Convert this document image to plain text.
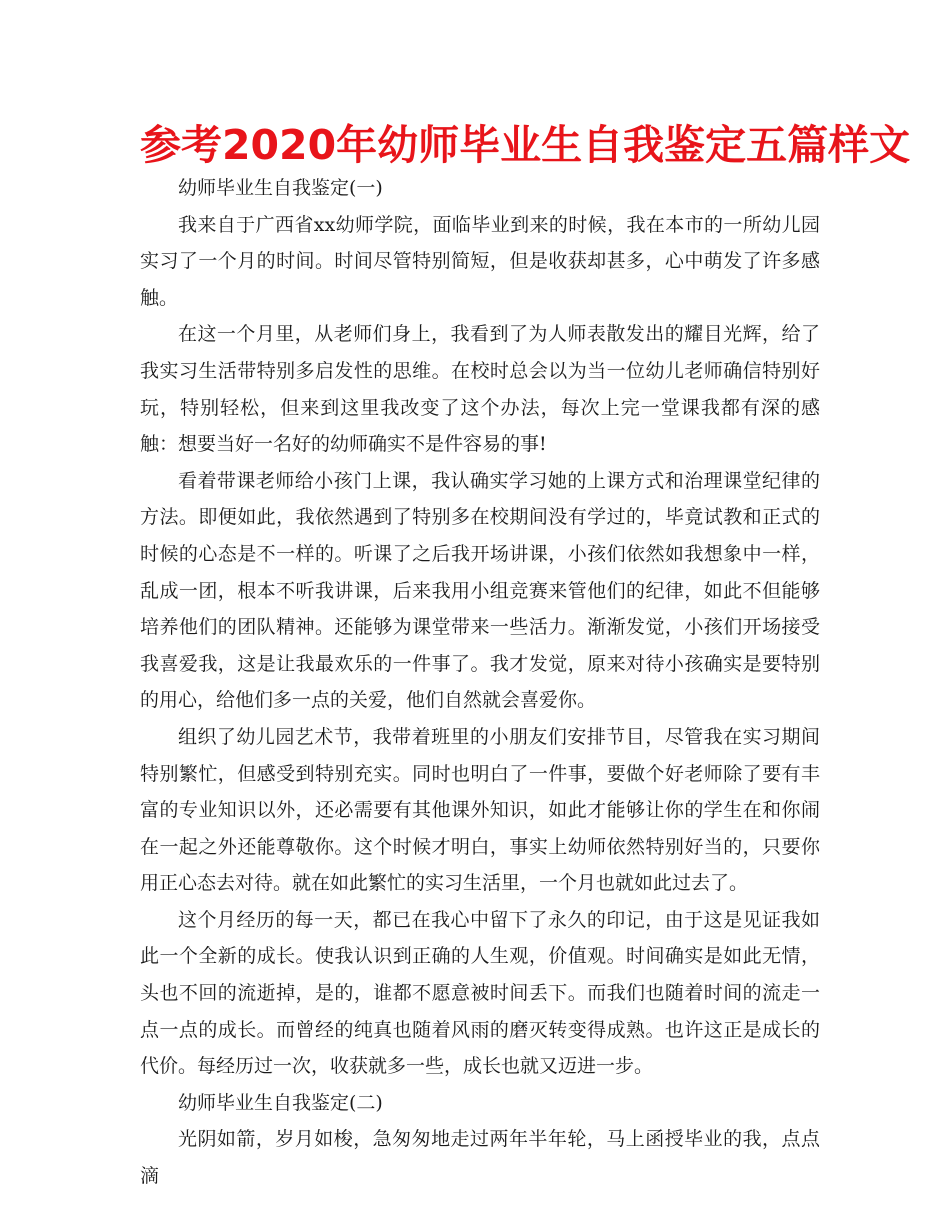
参考2020年幼师毕业生自我鉴定五篇样文

幼师毕业生自我鉴定(一)

我来自于广西省xx幼师学院，面临毕业到来的时候，我在本市的一所幼儿园实习了一个月的时间。时间尽管特别简短，但是收获却甚多，心中萌发了许多感触。

在这一个月里，从老师们身上，我看到了为人师表散发出的耀目光辉，给了我实习生活带特别多启发性的思维。在校时总会以为当一位幼儿老师确信特别好玩，特别轻松，但来到这里我改变了这个办法，每次上完一堂课我都有深的感触：想要当好一名好的幼师确实不是件容易的事!

看着带课老师给小孩门上课，我认确实学习她的上课方式和治理课堂纪律的方法。即便如此，我依然遇到了特别多在校期间没有学过的，毕竟试教和正式的时候的心态是不一样的。听课了之后我开场讲课，小孩们依然如我想象中一样，乱成一团，根本不听我讲课，后来我用小组竞赛来管他们的纪律，如此不但能够培养他们的团队精神。还能够为课堂带来一些活力。渐渐发觉，小孩们开场接受我喜爱我，这是让我最欢乐的一件事了。我才发觉，原来对待小孩确实是要特别的用心，给他们多一点的关爱，他们自然就会喜爱你。

组织了幼儿园艺术节，我带着班里的小朋友们安排节目，尽管我在实习期间特别繁忙，但感受到特别充实。同时也明白了一件事，要做个好老师除了要有丰富的专业知识以外，还必需要有其他课外知识，如此才能够让你的学生在和你闹在一起之外还能尊敬你。这个时候才明白，事实上幼师依然特别好当的，只要你用正心态去对待。就在如此繁忙的实习生活里，一个月也就如此过去了。

这个月经历的每一天，都已在我心中留下了永久的印记，由于这是见证我如此一个全新的成长。使我认识到正确的人生观，价值观。时间确实是如此无情，头也不回的流逝掉，是的，谁都不愿意被时间丢下。而我们也随着时间的流走一点一点的成长。而曾经的纯真也随着风雨的磨灭转变得成熟。也许这正是成长的代价。每经历过一次，收获就多一些，成长也就又迈进一步。

幼师毕业生自我鉴定(二)

光阴如箭，岁月如梭，急匆匆地走过两年半年轮，马上函授毕业的我，点点滴
